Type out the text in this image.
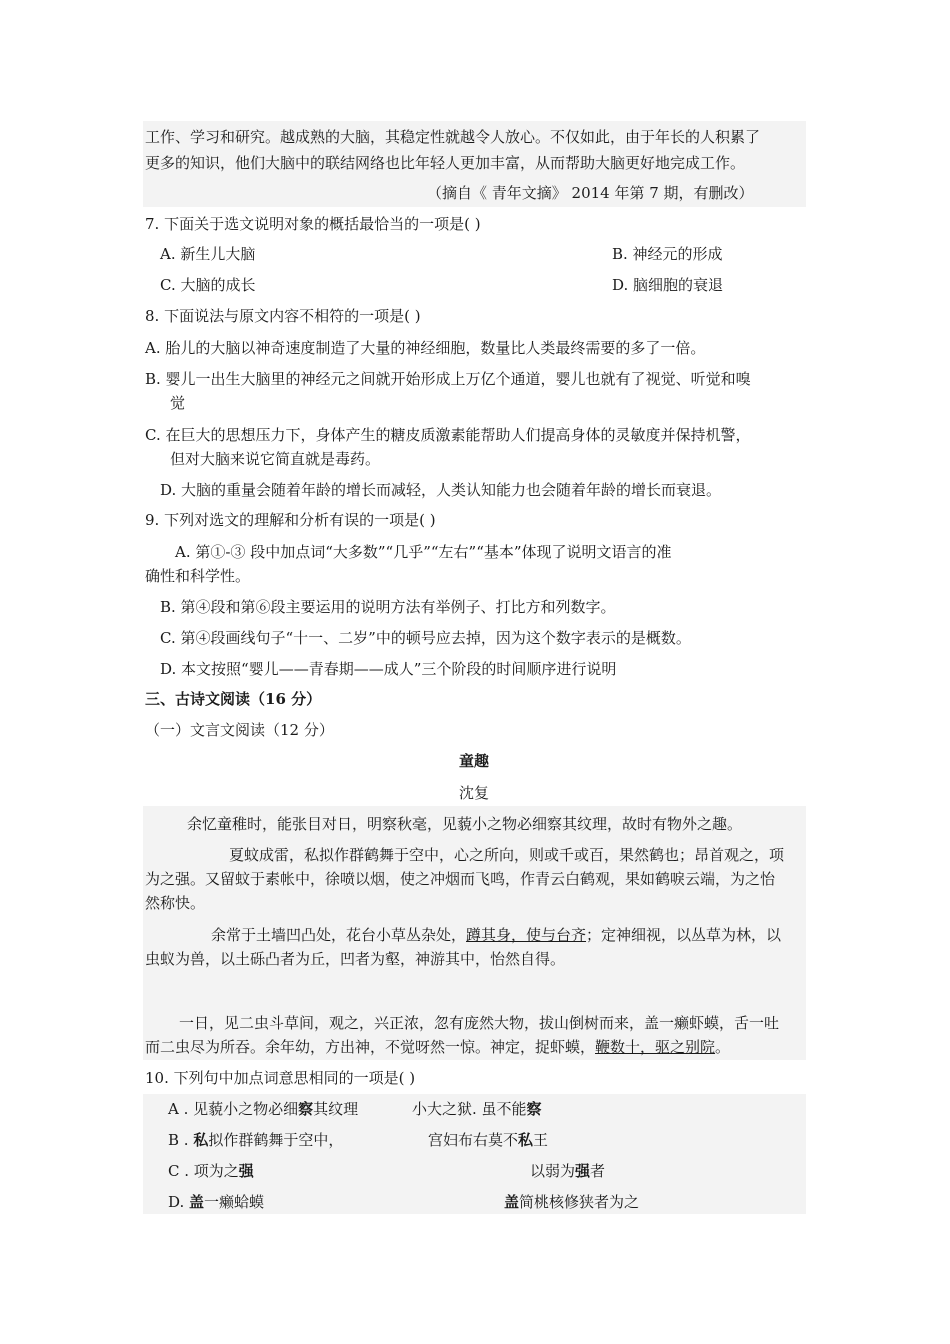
工作、学习和研究。越成熟的大脑，其稳定性就越令人放心。不仅如此，由于年长的人积累了
更多的知识，他们大脑中的联结网络也比年轻人更加丰富，从而帮助大脑更好地完成工作。
（摘自《 青年文摘》 2014 年第 7 期，有删改）
7. 下面关于选文说明对象的概括最恰当的一项是( )
A. 新生儿大脑	B. 神经元的形成
C. 大脑的成长	D. 脑细胞的衰退
8. 下面说法与原文内容不相符的一项是( )
A. 胎儿的大脑以神奇速度制造了大量的神经细胞，数量比人类最终需要的多了一倍。
B. 婴儿一出生大脑里的神经元之间就开始形成上万亿个通道，婴儿也就有了视觉、听觉和嗅
觉
C. 在巨大的思想压力下，身体产生的糖皮质激素能帮助人们提高身体的灵敏度并保持机警，
但对大脑来说它简直就是毒药。
D. 大脑的重量会随着年龄的增长而减轻，人类认知能力也会随着年龄的增长而衰退。
9. 下列对选文的理解和分析有误的一项是( )
A. 第①-③ 段中加点词“大多数”“几乎”“左右”“基本”体现了说明文语言的准
确性和科学性。
B. 第④段和第⑥段主要运用的说明方法有举例子、打比方和列数字。
C. 第④段画线句子“十一、二岁”中的顿号应去掉，因为这个数字表示的是概数。
D. 本文按照“婴儿——青春期——成人”三个阶段的时间顺序进行说明
三、古诗文阅读（16 分）
（一）文言文阅读（12 分）
童趣
沈复
余忆童稚时，能张目对日，明察秋毫，见藐小之物必细察其纹理，故时有物外之趣。
夏蚊成雷，私拟作群鹤舞于空中，心之所向，则或千或百，果然鹤也；昂首观之，项
为之强。又留蚊于素帐中，徐喷以烟，使之冲烟而飞鸣，作青云白鹤观，果如鹤唳云端，为之怡
然称快。
余常于土墙凹凸处，花台小草丛杂处，蹲其身，使与台齐；定神细视，以丛草为林，以
虫蚁为兽，以土砾凸者为丘，凹者为壑，神游其中，怡然自得。
一日，见二虫斗草间，观之，兴正浓，忽有庞然大物，拔山倒树而来，盖一癞虾蟆，舌一吐
而二虫尽为所吞。余年幼，方出神，不觉呀然一惊。神定，捉虾蟆，鞭数十，驱之别院。
10. 下列句中加点词意思相同的一项是( )
A . 见藐小之物必细察其纹理	小大之狱. 虽不能察
B . 私拟作群鹤舞于空中，	宫妇布右莫不私王
C . 项为之强	以弱为强者
D. 盖一癞蛤蟆	盖简桃核修狭者为之
